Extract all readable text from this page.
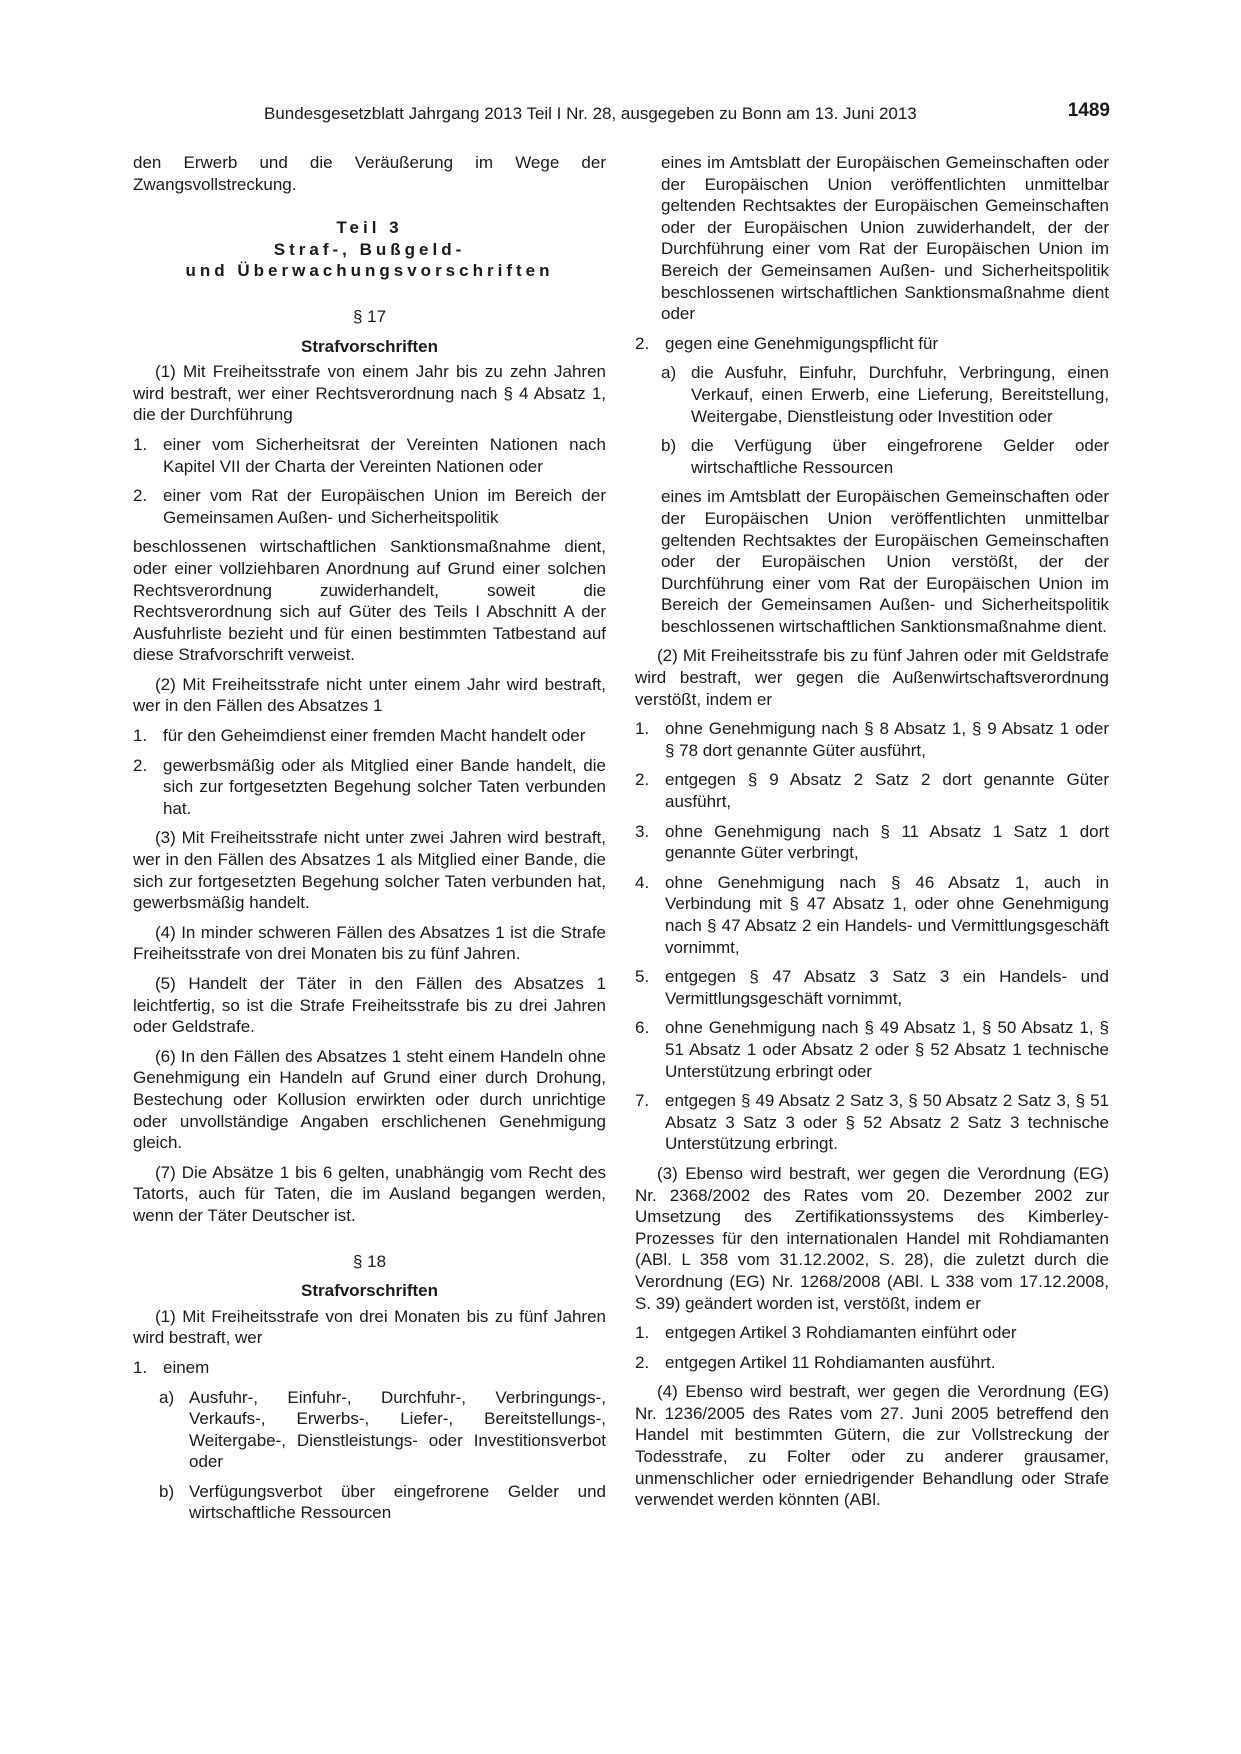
Bundesgesetzblatt Jahrgang 2013 Teil I Nr. 28, ausgegeben zu Bonn am 13. Juni 2013	1489

den Erwerb und die Veräußerung im Wege der Zwangsvollstreckung.

Teil 3
Straf-, Bußgeld-
und Überwachungsvorschriften
§ 17
Strafvorschriften

(1) Mit Freiheitsstrafe von einem Jahr bis zu zehn Jahren wird bestraft, wer einer Rechtsverordnung nach § 4 Absatz 1, die der Durchführung

1. einer vom Sicherheitsrat der Vereinten Nationen nach Kapitel VII der Charta der Vereinten Nationen oder
2. einer vom Rat der Europäischen Union im Bereich der Gemeinsamen Außen- und Sicherheitspolitik

beschlossenen wirtschaftlichen Sanktionsmaßnahme dient, oder einer vollziehbaren Anordnung auf Grund einer solchen Rechtsverordnung zuwiderhandelt, soweit die Rechtsverordnung sich auf Güter des Teils I Abschnitt A der Ausfuhrliste bezieht und für einen bestimmten Tatbestand auf diese Strafvorschrift verweist.

(2) Mit Freiheitsstrafe nicht unter einem Jahr wird bestraft, wer in den Fällen des Absatzes 1

1. für den Geheimdienst einer fremden Macht handelt oder
2. gewerbsmäßig oder als Mitglied einer Bande handelt, die sich zur fortgesetzten Begehung solcher Taten verbunden hat.

(3) Mit Freiheitsstrafe nicht unter zwei Jahren wird bestraft, wer in den Fällen des Absatzes 1 als Mitglied einer Bande, die sich zur fortgesetzten Begehung solcher Taten verbunden hat, gewerbsmäßig handelt.

(4) In minder schweren Fällen des Absatzes 1 ist die Strafe Freiheitsstrafe von drei Monaten bis zu fünf Jahren.

(5) Handelt der Täter in den Fällen des Absatzes 1 leichtfertig, so ist die Strafe Freiheitsstrafe bis zu drei Jahren oder Geldstrafe.

(6) In den Fällen des Absatzes 1 steht einem Handeln ohne Genehmigung ein Handeln auf Grund einer durch Drohung, Bestechung oder Kollusion erwirkten oder durch unrichtige oder unvollständige Angaben erschlichenen Genehmigung gleich.

(7) Die Absätze 1 bis 6 gelten, unabhängig vom Recht des Tatorts, auch für Taten, die im Ausland begangen werden, wenn der Täter Deutscher ist.

§ 18
Strafvorschriften

(1) Mit Freiheitsstrafe von drei Monaten bis zu fünf Jahren wird bestraft, wer

1. einem
a) Ausfuhr-, Einfuhr-, Durchfuhr-, Verbringungs-, Verkaufs-, Erwerbs-, Liefer-, Bereitstellungs-, Weitergabe-, Dienstleistungs- oder Investitionsverbot oder
b) Verfügungsverbot über eingefrorene Gelder und wirtschaftliche Ressourcen

eines im Amtsblatt der Europäischen Gemeinschaften oder der Europäischen Union veröffentlichten unmittelbar geltenden Rechtsaktes der Europäischen Gemeinschaften oder der Europäischen Union zuwiderhandelt, der der Durchführung einer vom Rat der Europäischen Union im Bereich der Gemeinsamen Außen- und Sicherheitspolitik beschlossenen wirtschaftlichen Sanktionsmaßnahme dient oder

2. gegen eine Genehmigungspflicht für
a) die Ausfuhr, Einfuhr, Durchfuhr, Verbringung, einen Verkauf, einen Erwerb, eine Lieferung, Bereitstellung, Weitergabe, Dienstleistung oder Investition oder
b) die Verfügung über eingefrorene Gelder oder wirtschaftliche Ressourcen

eines im Amtsblatt der Europäischen Gemeinschaften oder der Europäischen Union veröffentlichten unmittelbar geltenden Rechtsaktes der Europäischen Gemeinschaften oder der Europäischen Union verstößt, der der Durchführung einer vom Rat der Europäischen Union im Bereich der Gemeinsamen Außen- und Sicherheitspolitik beschlossenen wirtschaftlichen Sanktionsmaßnahme dient.

(2) Mit Freiheitsstrafe bis zu fünf Jahren oder mit Geldstrafe wird bestraft, wer gegen die Außenwirtschaftsverordnung verstößt, indem er

1. ohne Genehmigung nach § 8 Absatz 1, § 9 Absatz 1 oder § 78 dort genannte Güter ausführt,
2. entgegen § 9 Absatz 2 Satz 2 dort genannte Güter ausführt,
3. ohne Genehmigung nach § 11 Absatz 1 Satz 1 dort genannte Güter verbringt,
4. ohne Genehmigung nach § 46 Absatz 1, auch in Verbindung mit § 47 Absatz 1, oder ohne Genehmigung nach § 47 Absatz 2 ein Handels- und Vermittlungsgeschäft vornimmt,
5. entgegen § 47 Absatz 3 Satz 3 ein Handels- und Vermittlungsgeschäft vornimmt,
6. ohne Genehmigung nach § 49 Absatz 1, § 50 Absatz 1, § 51 Absatz 1 oder Absatz 2 oder § 52 Absatz 1 technische Unterstützung erbringt oder
7. entgegen § 49 Absatz 2 Satz 3, § 50 Absatz 2 Satz 3, § 51 Absatz 3 Satz 3 oder § 52 Absatz 2 Satz 3 technische Unterstützung erbringt.

(3) Ebenso wird bestraft, wer gegen die Verordnung (EG) Nr. 2368/2002 des Rates vom 20. Dezember 2002 zur Umsetzung des Zertifikationssystems des Kimberley-Prozesses für den internationalen Handel mit Rohdiamanten (ABl. L 358 vom 31.12.2002, S. 28), die zuletzt durch die Verordnung (EG) Nr. 1268/2008 (ABl. L 338 vom 17.12.2008, S. 39) geändert worden ist, verstößt, indem er

1. entgegen Artikel 3 Rohdiamanten einführt oder
2. entgegen Artikel 11 Rohdiamanten ausführt.

(4) Ebenso wird bestraft, wer gegen die Verordnung (EG) Nr. 1236/2005 des Rates vom 27. Juni 2005 betreffend den Handel mit bestimmten Gütern, die zur Vollstreckung der Todesstrafe, zu Folter oder zu anderer grausamer, unmenschlicher oder erniedrigender Behandlung oder Strafe verwendet werden könnten (ABl.
